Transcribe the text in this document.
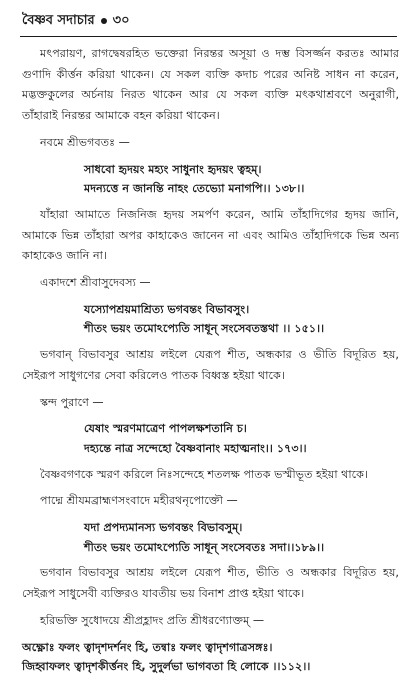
বৈষ্ণব সদাচার ৩০

মৎপরায়ণ, রাগদ্বেষরহিত ভক্তেরা নিরন্তর অসূয়া ও দম্ভ বিসর্জ্জন করতঃ আমার গুণাদি কীর্ত্তন করিয়া থাকেন। যে সকল ব্যক্তি কদাচ পরের অনিষ্ট সাধন না করেন, মদ্ভক্তকুলের অর্চনায় নিরত থাকেন আর যে সকল ব্যক্তি মৎকথাশ্রবণে অনুরাগী, তাঁহারাই নিরন্তর আমাকে বহন করিয়া থাকেন।

নবমে শ্রীভগবতঃ —
সাধবো হৃদয়ং মহ্যং সাধুনাং হৃদয়ং ত্বহম্।
মদন্যত্তে ন জানন্তি নাহং তেভ্যো মনাগপি।। ১৩৮।।

যাঁহারা আমাতে নিজনিজ হৃদয় সমর্পণ করেন, আমি তাঁহাদিগের হৃদয় জানি, আমাকে ভিন্ন তাঁহারা অপর কাহাকেও জানেন না এবং আমিও তাঁহাদিগকে ভিন্ন অন্য কাহাকেও জানি না।

একাদশে শ্রীবাসুদেবস্য —
যস্যোপশ্রয়মাশ্রিত্য ভগবন্তং বিভাবসুং।
শীতং ভয়ং তমোঽপ্যেতি সাধূন্ সংসেবতস্তথা ।। ১৫১।।

ভগবান্ বিভাবসুর আশ্রয় লইলে যেরূপ শীত, অন্ধকার ও ভীতি বিদূরিত হয়, সেইরূপ সাধুগণের সেবা করিলেও পাতক বিধ্বস্ত হইয়া থাকে।

স্কন্দ পুরাণে —
যেষাং স্মরণমাত্রেণ পাপলক্ষশতানি চ।
দহ্যন্তে নাত্র সন্দেহো বৈষ্ণবানাং মহাত্মনাং।। ১৭৩।।

বৈষ্ণবগণকে স্মরণ করিলে নিঃসন্দেহে শতলক্ষ পাতক ভস্মীভূত হইয়া থাকে।

পাদ্মে শ্রীযমব্রাহ্মণসংবাদে মহীরথনৃপোক্তৌ —
যদা প্রপদ্যমানস্য ভগবন্তং বিভাবসুম্।
শীতং ভয়ং তমোঽপ্যেতি সাধূন্ সংসেবতঃ সদা।।১৮৯।।

ভগবান বিভাবসুর আশ্রয় লইলে যেরূপ শীত, ভীতি ও অন্ধকার বিদূরিত হয়, সেইরূপ সাধুসেবী ব্যক্তিরও যাবতীয় ভয় বিনাশ প্রাপ্ত হইয়া থাকে।

হরিভক্তি সুধোদয়ে শ্রীপ্রহ্লাদং প্রতি শ্রীধরণ্যোক্তম্ —
অক্ষ্ণোঃ ফলং ত্বাদৃশদর্শনং হি, তন্বাঃ ফলং ত্বাদৃশগাত্রসঙ্গঃ।
জিহ্বাফলং ত্বাদৃশকীর্ত্তনং হি, সুদুর্লভা ভাগবতা হি লোকে ।।১১২।।
